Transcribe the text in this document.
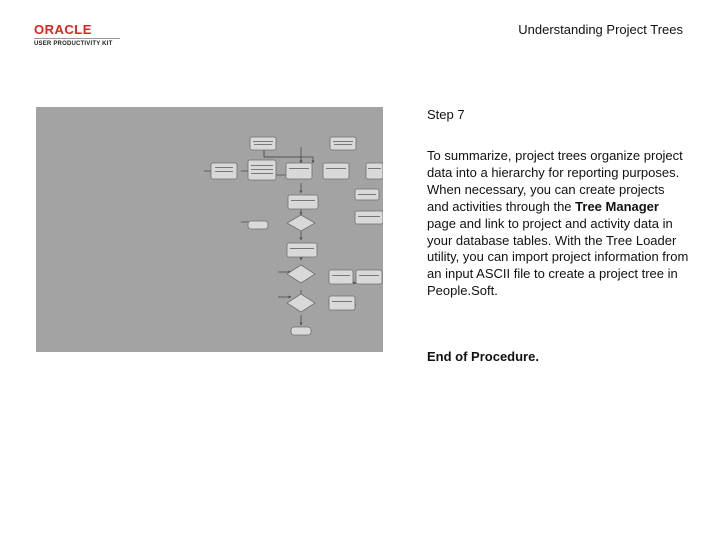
ORACLE
USER PRODUCTIVITY KIT
Understanding Project Trees
Step 7
To summarize, project trees organize project data into a hierarchy for reporting purposes. When necessary, you can create projects and activities through the Tree Manager page and link to project and activity data in your database tables. With the Tree Loader utility, you can import project information from an input ASCII file to create a project tree in People.Soft.
End of Procedure.
